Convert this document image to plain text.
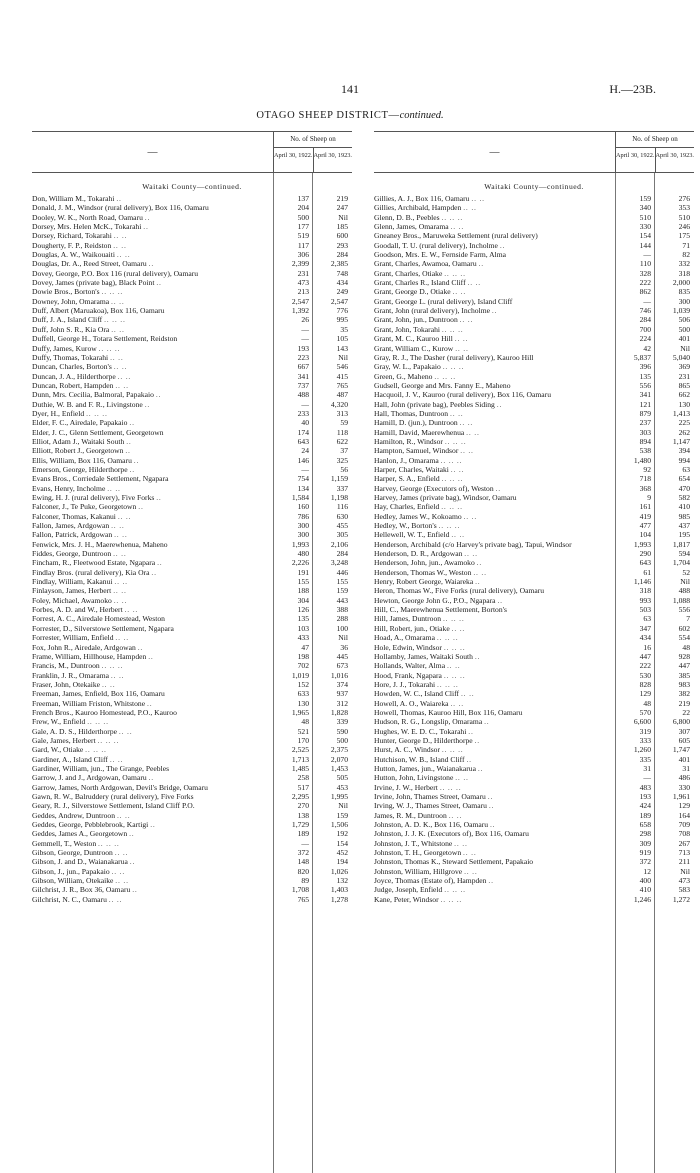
141	H.—23B.
OTAGO SHEEP DISTRICT—continued.
—
No. of Sheep on
April 30, 1922. April 30, 1923.
Waitaki County—continued.
Don, William M., Tokarahi ..	137	219
Donald, J. M., Windsor (rural delivery), Box 116, Oamaru	204	247
Dooley, W. K., North Road, Oamaru ..	500	Nil
Dorsey, Mrs. Helen McK., Tokarahi ..	177	185
Dorsey, Richard, Tokarahi .. ..	519	600
Dougherty, F. P., Reidston .. ..	117	293
Douglas, A. W., Waikouaiti .. ..	306	284
Douglas, Dr. A., Reed Street, Oamaru ..	2,399	2,385
Dovey, George, P.O. Box 116 (rural delivery), Oamaru	231	748
Dovey, James (private bag), Black Point ..	473	434
Dowie Bros., Borton's .. .. ..	213	249
Downey, John, Omarama .. ..	2,547	2,547
Duff, Albert (Maruakoa), Box 116, Oamaru	1,392	776
Duff, J. A., Island Cliff .. .. ..	26	995
Duff, John S. R., Kia Ora .. ..	—	35
Duffell, George H., Totara Settlement, Reidston	—	105
Duffy, James, Kurow .. .. ..	193	143
Duffy, Thomas, Tokarahi .. ..	223	Nil
Duncan, Charles, Borton's .. ..	667	546
Duncan, J. A., Hilderthorpe .. ..	341	415
Duncan, Robert, Hampden .. ..	737	765
Dunn, Mrs. Cecilia, Balmoral, Papakaio ..	488	487
Duthie, W. B. and F. R., Livingstone ..	—	4,320
Dyer, H., Enfield .. .. ..	233	313
Elder, F. C., Airedale, Papakaio ..	40	59
Elder, J. C., Glenn Settlement, Georgetown	174	118
Elliot, Adam J., Waitaki South ..	643	622
Elliott, Robert J., Georgetown ..	24	37
Ellis, William, Box 116, Oamaru ..	146	325
Emerson, George, Hilderthorpe ..	—	56
Evans Bros., Corriedale Settlement, Ngapara	754	1,159
Evans, Henry, Incholme .. ..	134	337
Ewing, H. J. (rural delivery), Five Forks ..	1,584	1,198
Falconer, J., Te Puke, Georgetown ..	160	116
Falconer, Thomas, Kakanui .. ..	786	630
Fallon, James, Ardgowan .. ..	300	455
Fallon, Patrick, Ardgowan .. ..	300	305
Fenwick, Mrs. J. H., Maerewhenua, Maheno	1,993	2,106
Fiddes, George, Duntroon .. ..	480	284
Fincham, R., Fleetwood Estate, Ngapara ..	2,226	3,248
Findlay Bros. (rural delivery), Kia Ora ..	191	446
Findlay, William, Kakanui .. ..	155	155
Finlayson, James, Herbert .. ..	188	159
Foley, Michael, Awamoko .. ..	304	443
Forbes, A. D. and W., Herbert .. ..	126	388
Forrest, A. C., Airedale Homestead, Weston	135	288
Forrester, D., Silverstowe Settlement, Ngapara	103	100
Forrester, William, Enfield .. ..	433	Nil
Fox, John R., Airedale, Ardgowan ..	47	36
Frame, William, Hillhouse, Hampden ..	198	445
Francis, M., Duntroon .. .. ..	702	673
Franklin, J. R., Omarama .. ..	1,019	1,016
Fraser, John, Otekaike .. ..	152	374
Freeman, James, Enfield, Box 116, Oamaru	633	937
Freeman, William Friston, Whitstone ..	130	312
French Bros., Kauroo Homestead, P.O., Kauroo	1,965	1,828
Frew, W., Enfield .. .. ..	48	339
Gale, A. D. S., Hilderthorpe .. ..	521	590
Gale, James, Herbert .. .. ..	170	500
Gard, W., Otiake .. .. ..	2,525	2,375
Gardiner, A., Island Cliff .. ..	1,713	2,070
Gardiner, William, jun., The Grange, Peebles	1,485	1,453
Garrow, J. and J., Ardgowan, Oamaru ..	258	505
Garrow, James, North Ardgowan, Devil's Bridge, Oamaru	517	453
Gawn, R. W., Balruddery (rural delivery), Five Forks	2,295	1,995
Geary, R. J., Silverstowe Settlement, Island Cliff P.O.	270	Nil
Geddes, Andrew, Duntroon .. ..	138	159
Geddes, George, Pebblebrook, Kartigi ..	1,729	1,506
Geddes, James A., Georgetown ..	189	192
Gemmell, T., Weston .. .. ..	—	154
Gibson, George, Duntroon .. ..	372	452
Gibson, J. and D., Waianakarua ..	148	194
Gibson, J., jun., Papakaio .. ..	820	1,026
Gibson, William, Otekaike .. ..	89	132
Gilchrist, J. R., Box 36, Oamaru ..	1,708	1,403
Gilchrist, N. C., Oamaru .. ..	765	1,278
—
No. of Sheep on
April 30, 1922. April 30, 1923.
Waitaki County—continued.
Gillies, A. J., Box 116, Oamaru .. ..	159	276
Gillies, Archibald, Hampden .. ..	340	353
Glenn, D. B., Peebles .. .. ..	510	510
Glenn, James, Omarama .. ..	330	246
Gneaney Bros., Maruweka Settlement (rural delivery)	154	175
Goodall, T. U. (rural delivery), Incholme ..	144	71
Goodson, Mrs. E. W., Fernside Farm, Alma	—	82
Grant, Charles, Awamoa, Oamaru ..	110	332
Grant, Charles, Otiake .. .. ..	328	318
Grant, Charles R., Island Cliff .. ..	222	2,000
Grant, George D., Otiake .. ..	862	835
Grant, George L. (rural delivery), Island Cliff	—	300
Grant, John (rural delivery), Incholme ..	746	1,039
Grant, John, jun., Duntroon .. ..	284	506
Grant, John, Tokarahi .. .. ..	700	500
Grant, M. C., Kauroo Hill .. ..	224	401
Grant, William C., Kurow .. ..	42	Nil
Gray, R. J., The Dasher (rural delivery), Kauroo Hill	5,837	5,040
Gray, W. L., Papakaio .. .. ..	396	369
Green, G., Maheno .. .. ..	135	231
Gudsell, George and Mrs. Fanny E., Maheno	556	865
Hacquoil, J. V., Kauroo (rural delivery), Box 116, Oamaru	341	662
Hall, John (private bag), Peebles Siding ..	121	130
Hall, Thomas, Duntroon .. ..	879	1,413
Hamill, D. (jun.), Duntroon .. ..	237	225
Hamill, David, Maerewhenua .. ..	303	262
Hamilton, R., Windsor .. .. ..	894	1,147
Hampton, Samuel, Windsor .. ..	538	394
Hanlon, J., Omarama .. .. ..	1,480	994
Harper, Charles, Waitaki .. ..	92	63
Harper, S. A., Enfield .. .. ..	718	654
Harvey, George (Executors of), Weston ..	368	470
Harvey, James (private bag), Windsor, Oamaru	9	582
Hay, Charles, Enfield .. .. ..	161	410
Hedley, James W., Kokoamo .. ..	419	985
Hedley, W., Borton's .. .. ..	477	437
Hellewell, W. T., Enfield .. ..	104	195
Henderson, Archibald (c/o Harvey's private bag), Tapui, Windsor	1,993	1,817
Henderson, D. R., Ardgowan .. ..	290	594
Henderson, John, jun., Awamoko ..	643	1,704
Henderson, Thomas W., Weston .. ..	61	52
Henry, Robert George, Waiareka ..	1,146	Nil
Heron, Thomas W., Five Forks (rural delivery), Oamaru	318	488
Hewton, George John G., P.O., Ngapara ..	993	1,088
Hill, C., Maerewhenua Settlement, Borton's	503	556
Hill, James, Duntroon .. .. ..	63	7
Hill, Robert, jun., Otiake .. ..	347	602
Hoad, A., Omarama .. .. ..	434	554
Hole, Edwin, Windsor .. .. ..	16	48
Hollamby, James, Waitaki South ..	447	928
Hollands, Walter, Alma .. ..	222	447
Hood, Frank, Ngapara .. .. ..	530	385
Hore, J. J., Tokarahi .. .. ..	828	983
Howden, W. C., Island Cliff .. ..	129	382
Howell, A. O., Waiareka .. ..	48	219
Howell, Thomas, Kauroo Hill, Box 116, Oamaru	570	22
Hudson, R. G., Longslip, Omarama ..	6,600	6,800
Hughes, W. E. D. C., Tokarahi ..	319	307
Hunter, George D., Hilderthorpe ..	333	605
Hurst, A. C., Windsor .. .. ..	1,260	1,747
Hutchison, W. B., Island Cliff ..	335	401
Hutton, James, jun., Waianakarua ..	31	31
Hutton, John, Livingstone .. ..	—	486
Irvine, J. W., Herbert .. .. ..	483	330
Irvine, John, Thames Street, Oamaru ..	193	1,961
Irving, W. J., Thames Street, Oamaru ..	424	129
James, R. M., Duntroon .. ..	189	164
Johnston, A. D. K., Box 116, Oamaru ..	658	709
Johnston, J. J. K. (Executors of), Box 116, Oamaru	298	708
Johnston, J. T., Whitstone .. ..	309	267
Johnston, T. H., Georgetown .. ..	919	713
Johnston, Thomas K., Steward Settlement, Papakaio	372	211
Johnston, William, Hillgrove .. ..	12	Nil
Joyce, Thomas (Estate of), Hampden ..	400	473
Judge, Joseph, Enfield .. .. ..	410	583
Kane, Peter, Windsor .. .. ..	1,246	1,272
